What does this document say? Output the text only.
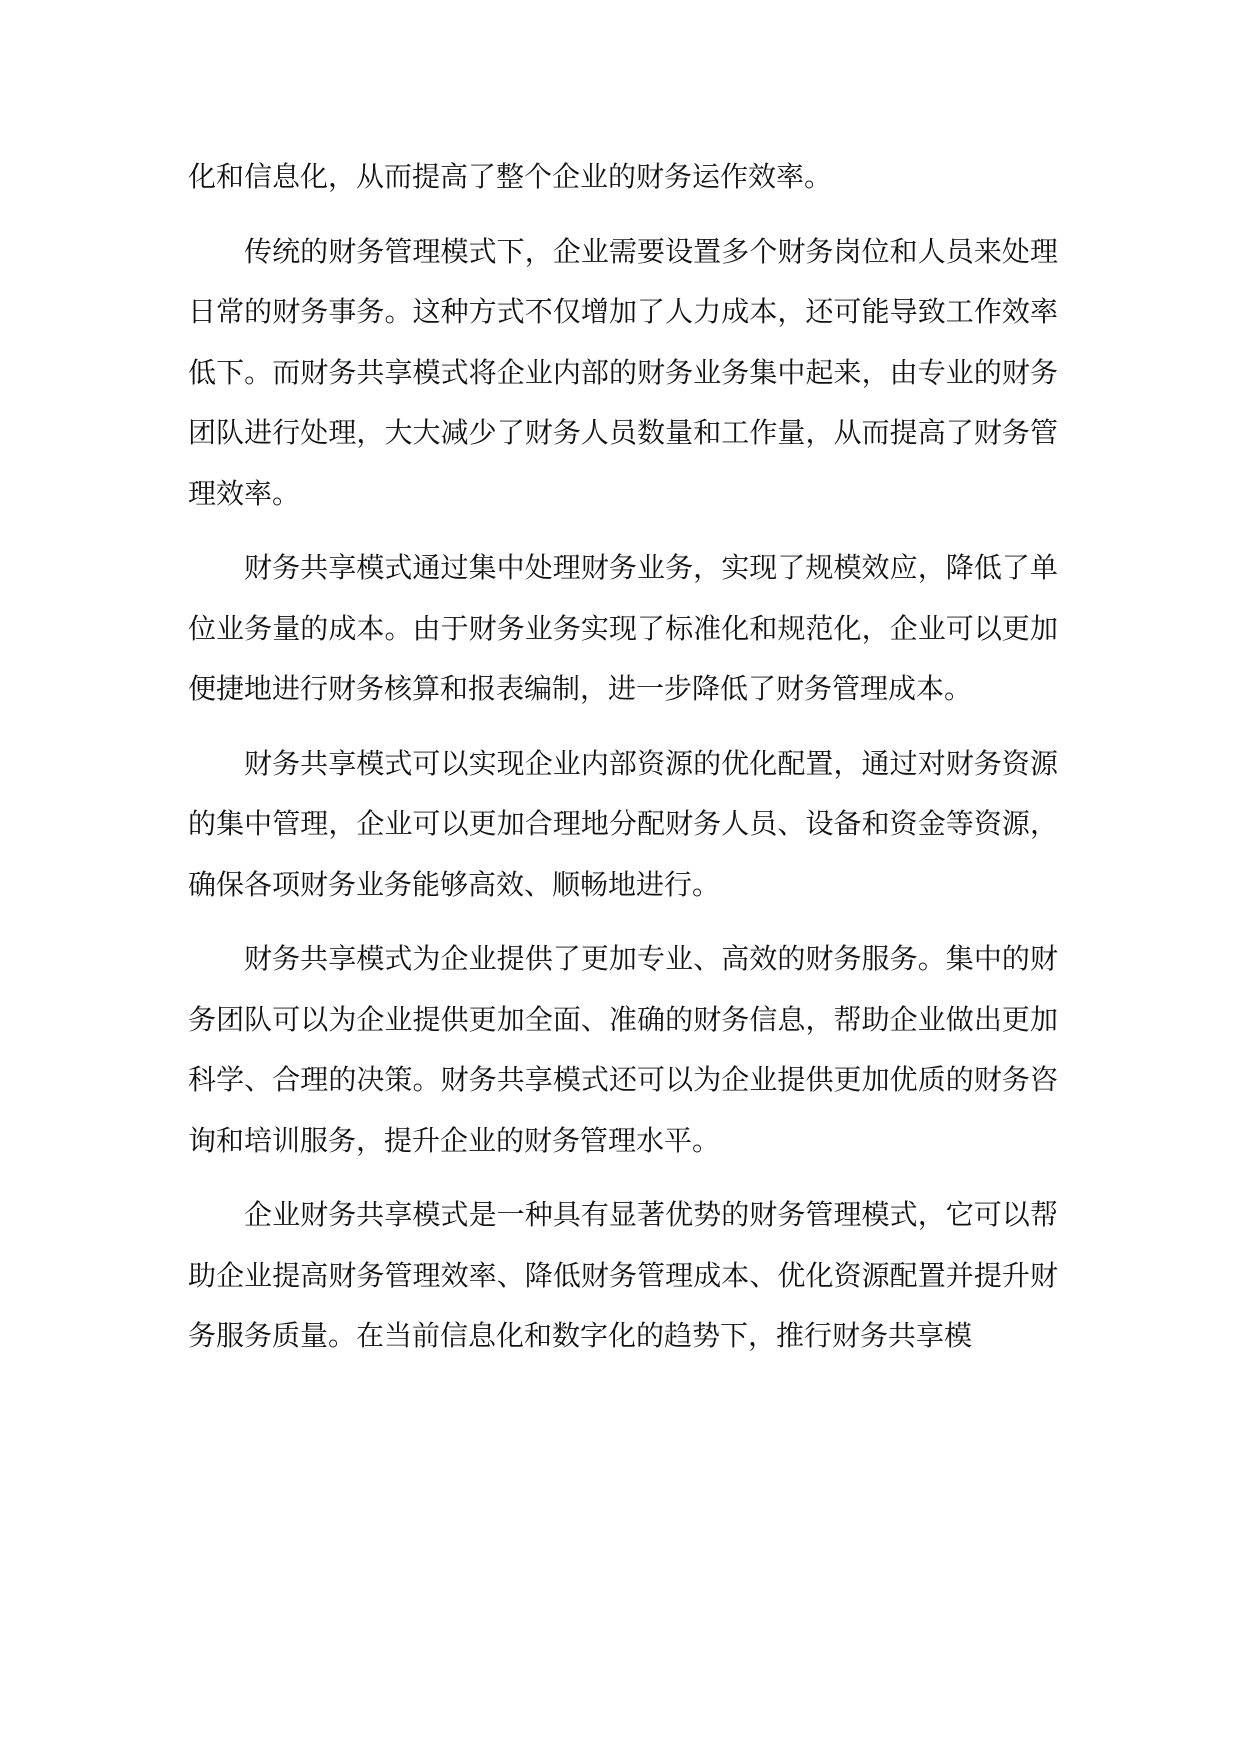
化和信息化，从而提高了整个企业的财务运作效率。

传统的财务管理模式下，企业需要设置多个财务岗位和人员来处理日常的财务事务。这种方式不仅增加了人力成本，还可能导致工作效率低下。而财务共享模式将企业内部的财务业务集中起来，由专业的财务团队进行处理，大大减少了财务人员数量和工作量，从而提高了财务管理效率。

财务共享模式通过集中处理财务业务，实现了规模效应，降低了单位业务量的成本。由于财务业务实现了标准化和规范化，企业可以更加便捷地进行财务核算和报表编制，进一步降低了财务管理成本。

财务共享模式可以实现企业内部资源的优化配置，通过对财务资源的集中管理，企业可以更加合理地分配财务人员、设备和资金等资源，确保各项财务业务能够高效、顺畅地进行。

财务共享模式为企业提供了更加专业、高效的财务服务。集中的财务团队可以为企业提供更加全面、准确的财务信息，帮助企业做出更加科学、合理的决策。财务共享模式还可以为企业提供更加优质的财务咨询和培训服务，提升企业的财务管理水平。

企业财务共享模式是一种具有显著优势的财务管理模式，它可以帮助企业提高财务管理效率、降低财务管理成本、优化资源配置并提升财务服务质量。在当前信息化和数字化的趋势下，推行财务共享模
